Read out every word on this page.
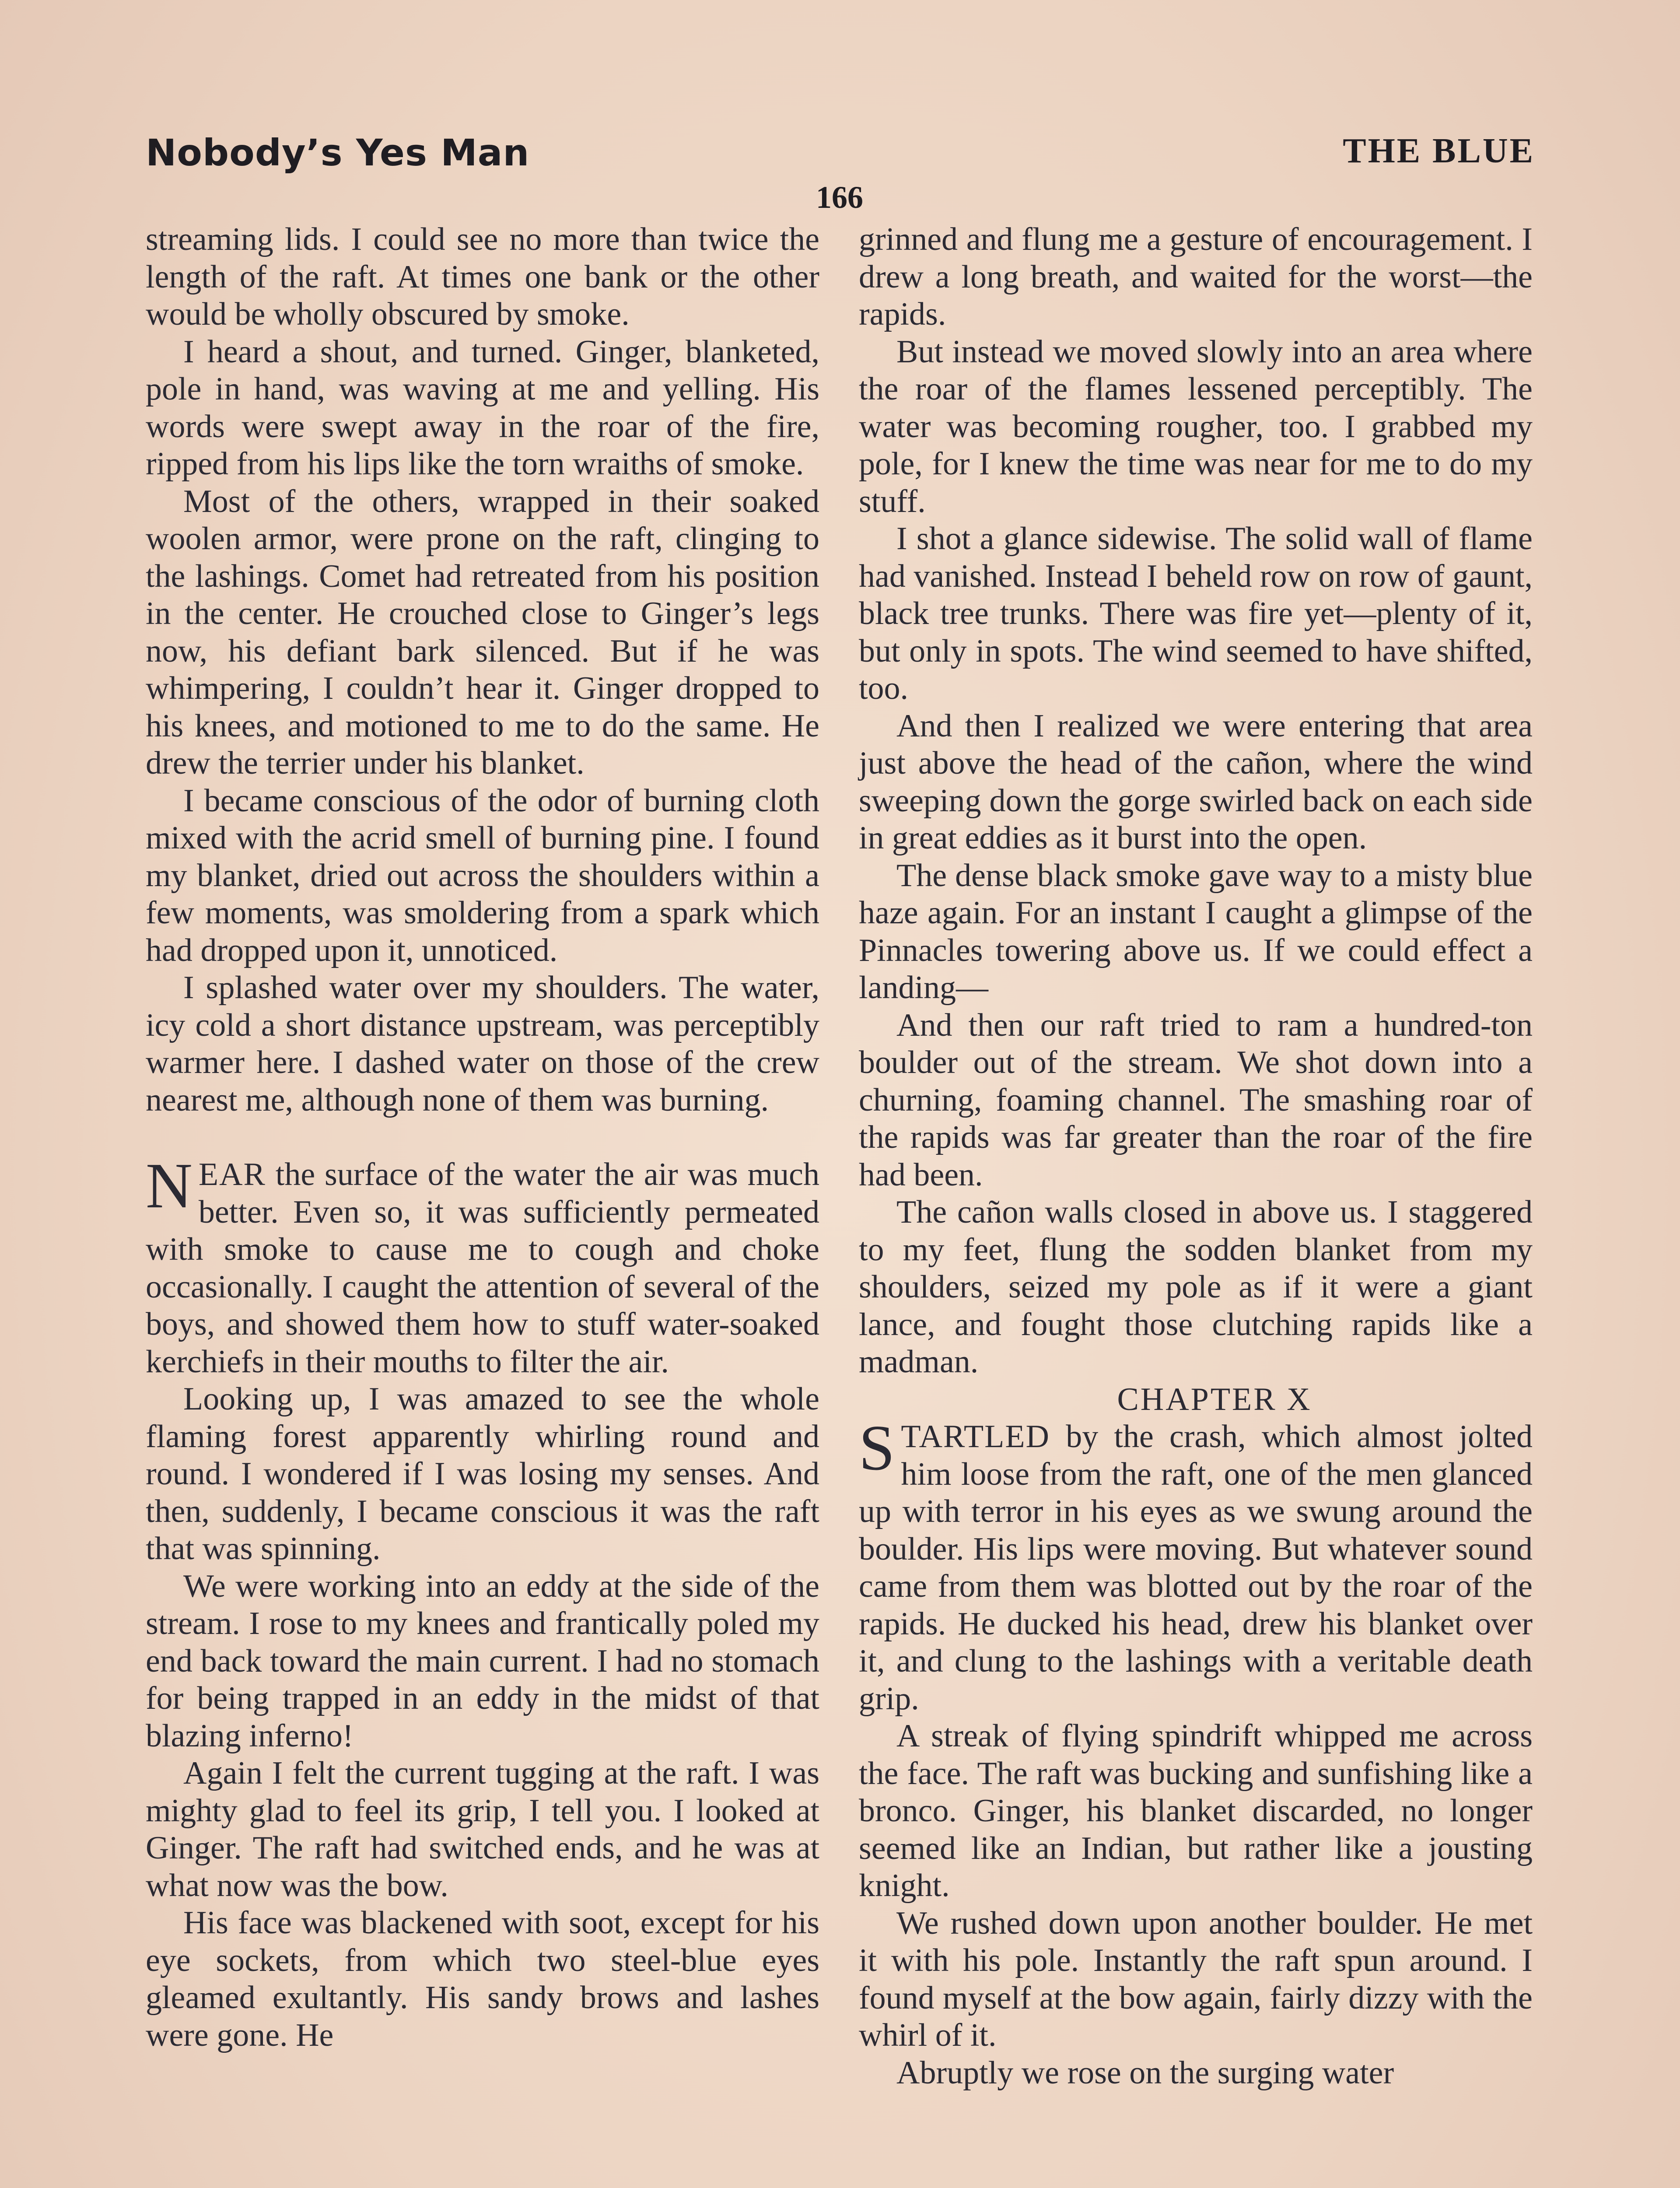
Nobody’s Yes Man	THE BLUE
166

streaming lids. I could see no more than twice the length of the raft. At times one bank or the other would be wholly obscured by smoke.

I heard a shout, and turned. Ginger, blanketed, pole in hand, was waving at me and yelling. His words were swept away in the roar of the fire, ripped from his lips like the torn wraiths of smoke.

Most of the others, wrapped in their soaked woolen armor, were prone on the raft, clinging to the lashings. Comet had retreated from his position in the center. He crouched close to Ginger’s legs now, his defiant bark silenced. But if he was whimpering, I couldn’t hear it. Ginger dropped to his knees, and motioned to me to do the same. He drew the terrier under his blanket.

I became conscious of the odor of burning cloth mixed with the acrid smell of burning pine. I found my blanket, dried out across the shoulders within a few moments, was smoldering from a spark which had dropped upon it, unnoticed.

I splashed water over my shoulders. The water, icy cold a short distance upstream, was perceptibly warmer here. I dashed water on those of the crew nearest me, although none of them was burning.

NEAR the surface of the water the air was much better. Even so, it was sufficiently permeated with smoke to cause me to cough and choke occasionally. I caught the attention of several of the boys, and showed them how to stuff water-soaked kerchiefs in their mouths to filter the air.

Looking up, I was amazed to see the whole flaming forest apparently whirling round and round. I wondered if I was losing my senses. And then, suddenly, I became conscious it was the raft that was spinning.

We were working into an eddy at the side of the stream. I rose to my knees and frantically poled my end back toward the main current. I had no stomach for being trapped in an eddy in the midst of that blazing inferno!

Again I felt the current tugging at the raft. I was mighty glad to feel its grip, I tell you. I looked at Ginger. The raft had switched ends, and he was at what now was the bow.

His face was blackened with soot, except for his eye sockets, from which two steel-blue eyes gleamed exultantly. His sandy brows and lashes were gone. He

grinned and flung me a gesture of encouragement. I drew a long breath, and waited for the worst—the rapids.

But instead we moved slowly into an area where the roar of the flames lessened perceptibly. The water was becoming rougher, too. I grabbed my pole, for I knew the time was near for me to do my stuff.

I shot a glance sidewise. The solid wall of flame had vanished. Instead I beheld row on row of gaunt, black tree trunks. There was fire yet—plenty of it, but only in spots. The wind seemed to have shifted, too.

And then I realized we were entering that area just above the head of the cañon, where the wind sweeping down the gorge swirled back on each side in great eddies as it burst into the open.

The dense black smoke gave way to a misty blue haze again. For an instant I caught a glimpse of the Pinnacles towering above us. If we could effect a landing—

And then our raft tried to ram a hundred-ton boulder out of the stream. We shot down into a churning, foaming channel. The smashing roar of the rapids was far greater than the roar of the fire had been.

The cañon walls closed in above us. I staggered to my feet, flung the sodden blanket from my shoulders, seized my pole as if it were a giant lance, and fought those clutching rapids like a madman.

CHAPTER X

STARTLED by the crash, which almost jolted him loose from the raft, one of the men glanced up with terror in his eyes as we swung around the boulder. His lips were moving. But whatever sound came from them was blotted out by the roar of the rapids. He ducked his head, drew his blanket over it, and clung to the lashings with a veritable death grip.

A streak of flying spindrift whipped me across the face. The raft was bucking and sunfishing like a bronco. Ginger, his blanket discarded, no longer seemed like an Indian, but rather like a jousting knight.

We rushed down upon another boulder. He met it with his pole. Instantly the raft spun around. I found myself at the bow again, fairly dizzy with the whirl of it.

Abruptly we rose on the surging water
